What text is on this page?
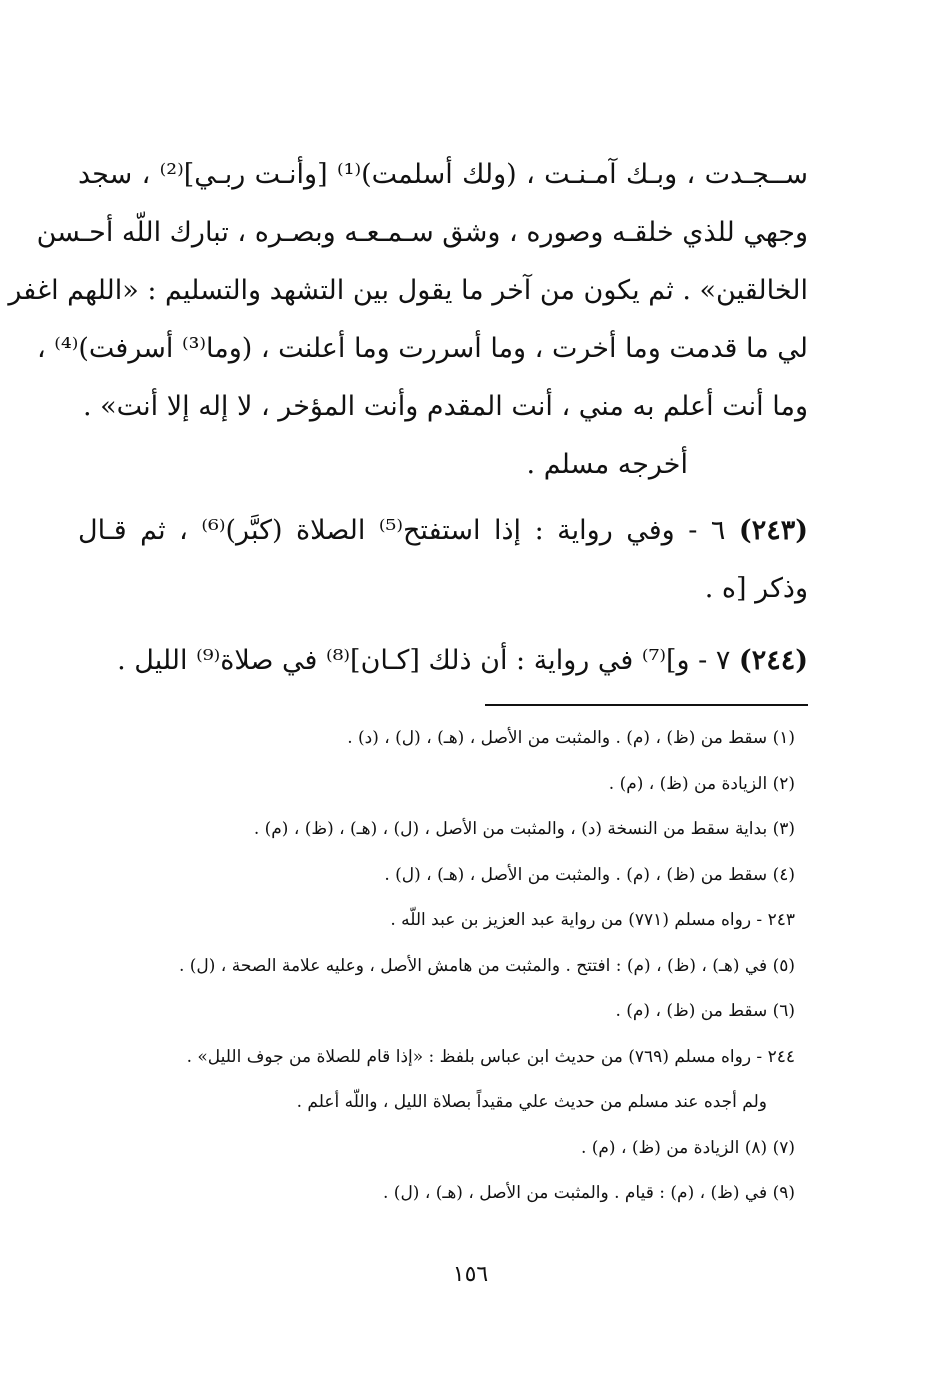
ســجـدت ، وبـك آمـنـت ، (ولك أسلمت)⁽¹⁾ [وأنـت ربـي]⁽²⁾ ، سجد
وجهي للذي خلقـه وصوره ، وشق سـمـعـه وبصـره ، تبارك اللّه أحـسن
الخالقين» . ثم يكون من آخر ما يقول بين التشهد والتسليم : «اللهم اغفر
لي ما قدمت وما أخرت ، وما أسررت وما أعلنت ، (وما⁽³⁾ أسرفت)⁽⁴⁾ ،
وما أنت أعلم به مني ، أنت المقدم وأنت المؤخر ، لا إله إلا أنت» .
أخرجه مسلم .
(٢٤٣) ٦ - وفي رواية : إذا استفتح⁽⁵⁾ الصلاة (كبَّر)⁽⁶⁾ ، ثم قـال
وذكر [ه .
(٢٤٤) ٧ - و]⁽⁷⁾ في رواية : أن ذلك [كـان]⁽⁸⁾ في صلاة⁽⁹⁾ الليل .
(١) سقط من (ظ) ، (م) . والمثبت من الأصل ، (هـ) ، (ل) ، (د) .
(٢) الزيادة من (ظ) ، (م) .
(٣) بداية سقط من النسخة (د) ، والمثبت من الأصل ، (ل) ، (هـ) ، (ظ) ، (م) .
(٤) سقط من (ظ) ، (م) . والمثبت من الأصل ، (هـ) ، (ل) .
٢٤٣ - رواه مسلم (٧٧١) من رواية عبد العزيز بن عبد اللّه .
(٥) في (هـ) ، (ظ) ، (م) : افتتح . والمثبت من هامش الأصل ، وعليه علامة الصحة ، (ل) .
(٦) سقط من (ظ) ، (م) .
٢٤٤ - رواه مسلم (٧٦٩) من حديث ابن عباس بلفظ : «إذا قام للصلاة من جوف الليل» .
ولم أجده عند مسلم من حديث علي مقيداً بصلاة الليل ، واللّه أعلم .
(٧) (٨) الزيادة من (ظ) ، (م) .
(٩) في (ظ) ، (م) : قيام . والمثبت من الأصل ، (هـ) ، (ل) .
١٥٦
